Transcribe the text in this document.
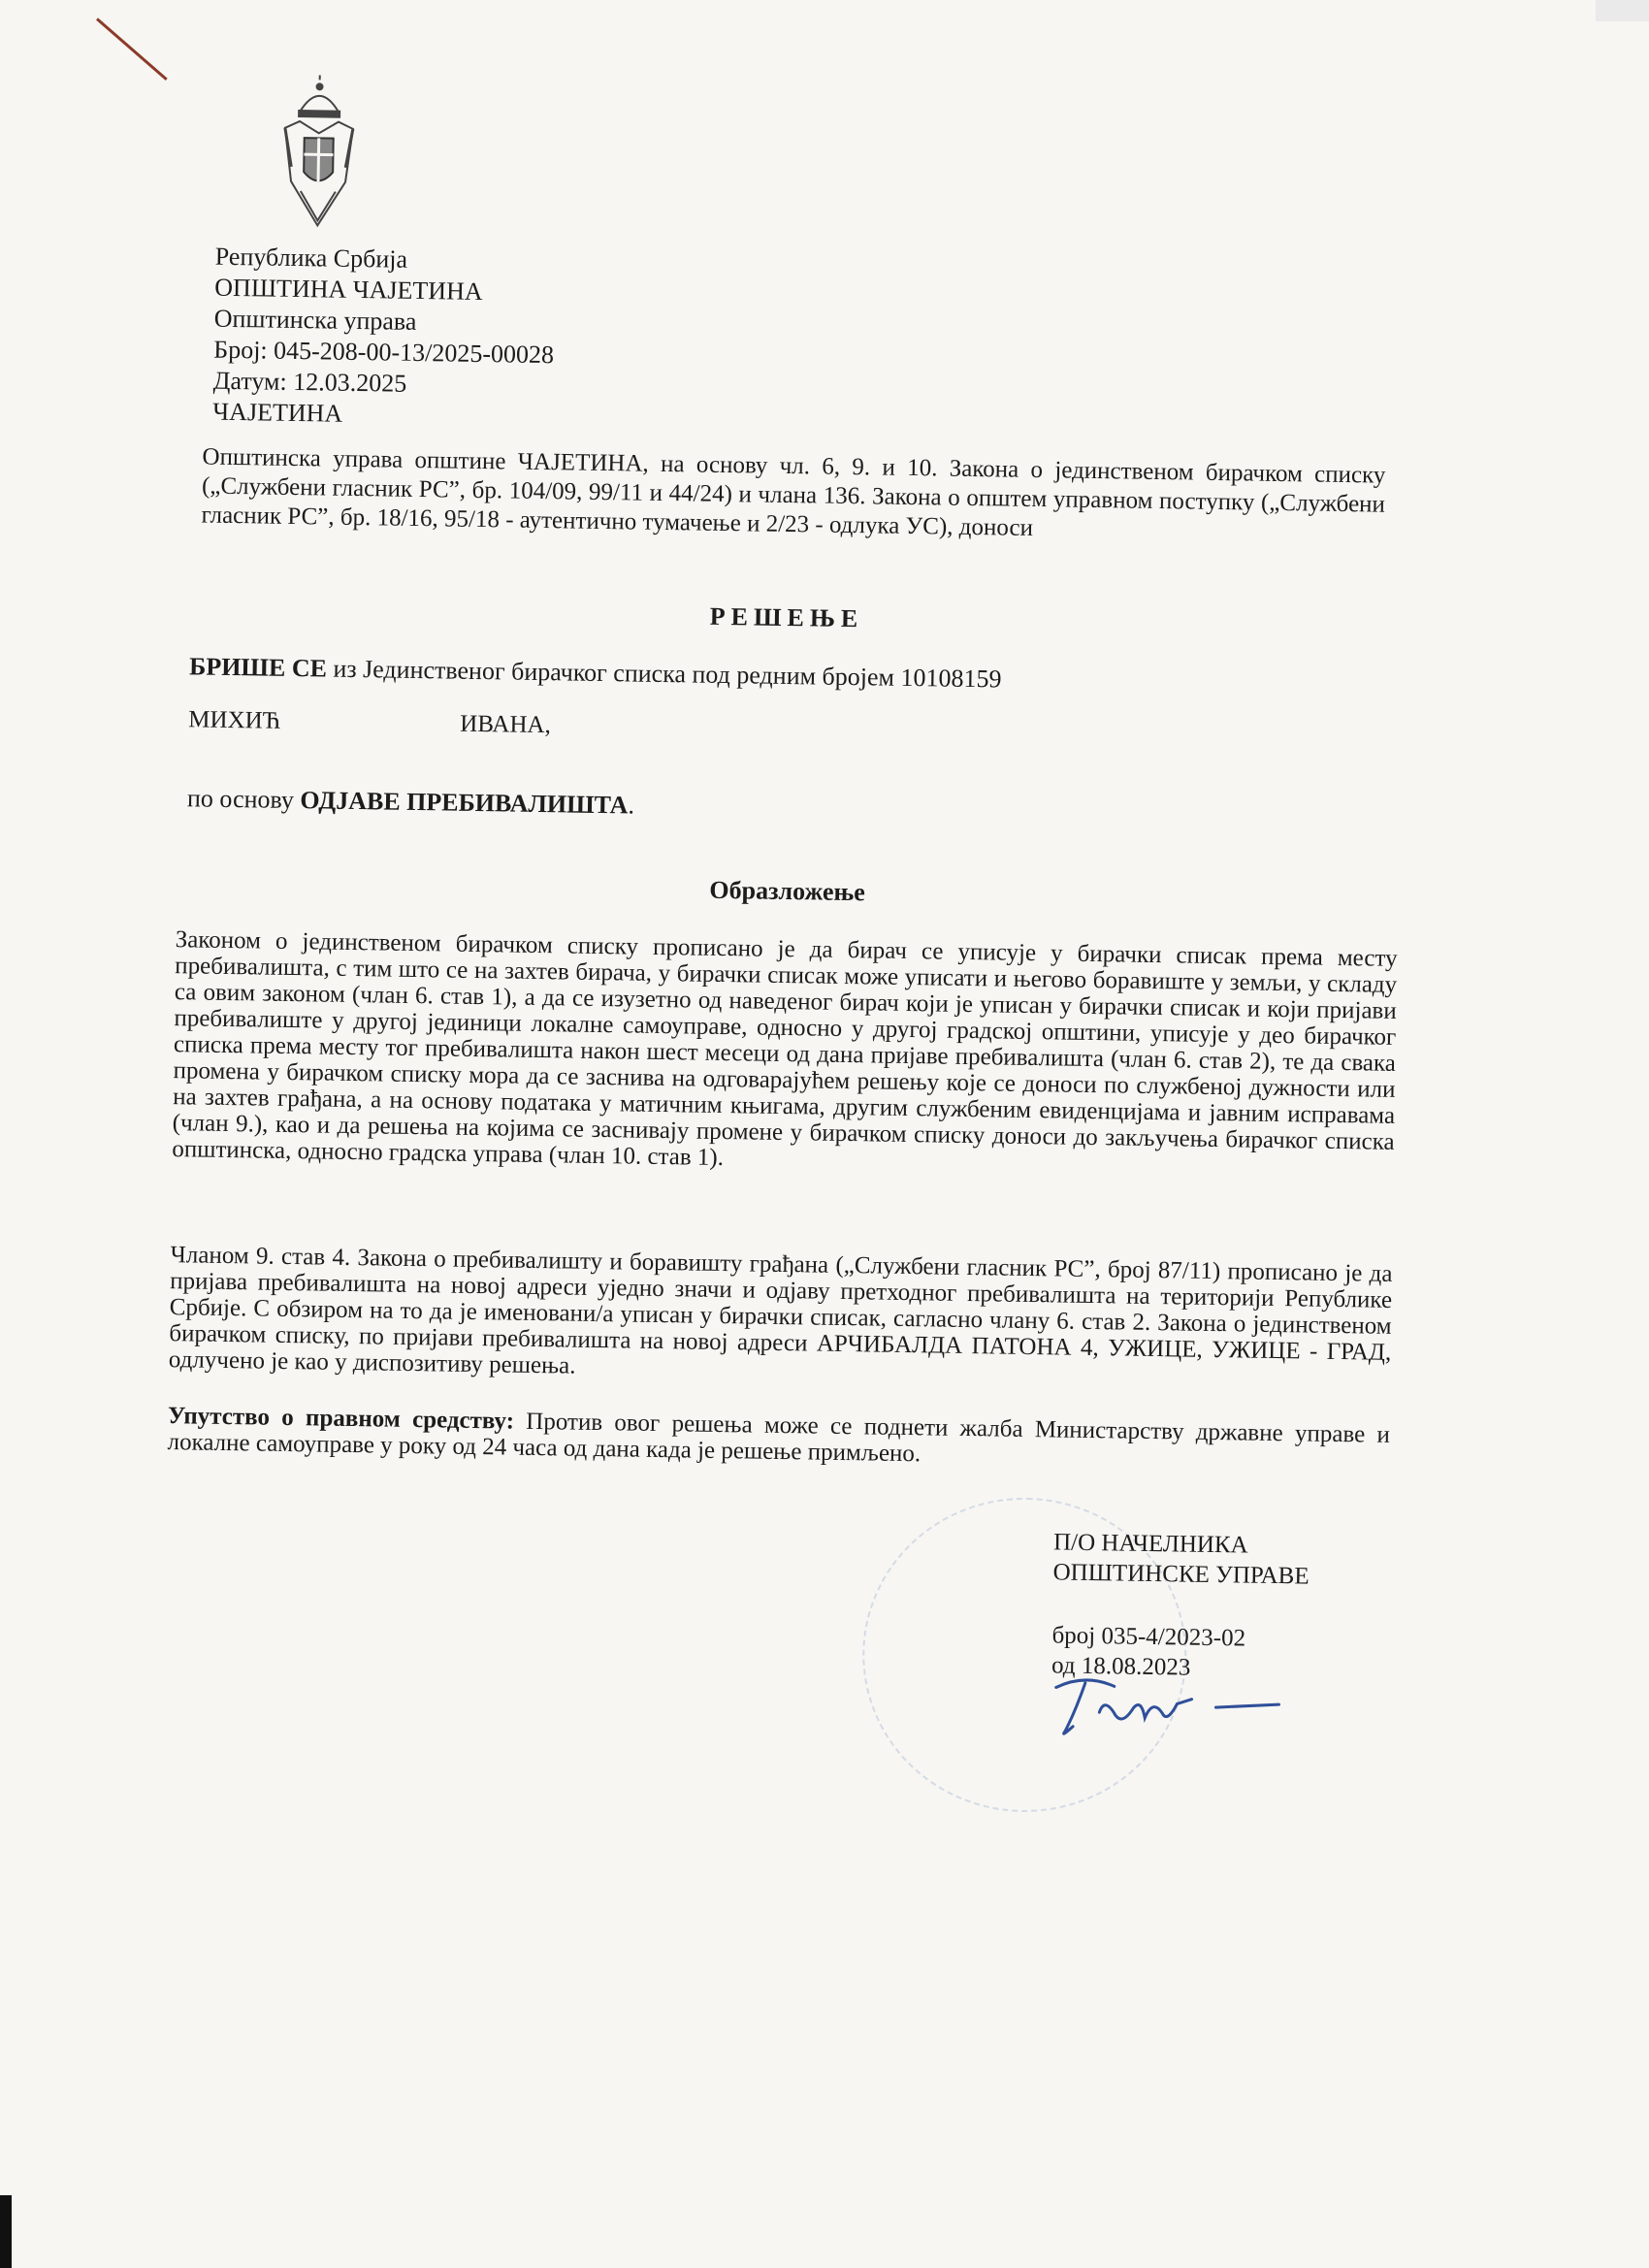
Република Србија
ОПШТИНА ЧАЈЕТИНА
Општинска управа
Број: 045-208-00-13/2025-00028
Датум: 12.03.2025
ЧАЈЕТИНА
Општинска управа општине ЧАЈЕТИНА, на основу чл. 6, 9. и 10. Закона о јединственом бирачком списку („Службени гласник РС”, бр. 104/09, 99/11 и 44/24) и члана 136. Закона о општем управном поступку („Службени гласник РС”, бр. 18/16, 95/18 - аутентично тумачење и 2/23 - одлука УС), доноси
РЕШЕЊЕ
БРИШЕ СЕ из Јединственог бирачког списка под редним бројем 10108159
МИХИЋ	ИВАНА,
по основу ОДЈАВЕ ПРЕБИВАЛИШТА.
Образложење
Законом о јединственом бирачком списку прописано је да бирач се уписује у бирачки списак према месту пребивалишта, с тим што се на захтев бирача, у бирачки списак може уписати и његово боравиште у земљи, у складу са овим законом (члан 6. став 1), а да се изузетно од наведеног бирач који је уписан у бирачки списак и који пријави пребивалиште у другој јединици локалне самоуправе, односно у другој градској општини, уписује у део бирачког списка према месту тог пребивалишта након шест месеци од дана пријаве пребивалишта (члан 6. став 2), те да свака промена у бирачком списку мора да се заснива на одговарајућем решењу које се доноси по службеној дужности или на захтев грађана, а на основу података у матичним књигама, другим службеним евиденцијама и јавним исправама (члан 9.), као и да решења на којима се заснивају промене у бирачком списку доноси до закључења бирачког списка општинска, односно градска управа (члан 10. став 1).
Чланом 9. став 4. Закона о пребивалишту и боравишту грађана („Службени гласник РС”, број 87/11) прописано је да пријава пребивалишта на новој адреси уједно значи и одјаву претходног пребивалишта на територији Републике Србије. С обзиром на то да је именовани/а уписан у бирачки списак, сагласно члану 6. став 2. Закона о јединственом бирачком списку, по пријави пребивалишта на новој адреси АРЧИБАЛДА ПАТОНА 4, УЖИЦЕ, УЖИЦЕ - ГРАД, одлучено је као у диспозитиву решења.
Упутство о правном средству: Против овог решења може се поднети жалба Министарству државне управе и локалне самоуправе у року од 24 часа од дана када је решење примљено.
П/О НАЧЕЛНИКА
ОПШТИНСКЕ УПРАВЕ
број 035-4/2023-02
од 18.08.2023
